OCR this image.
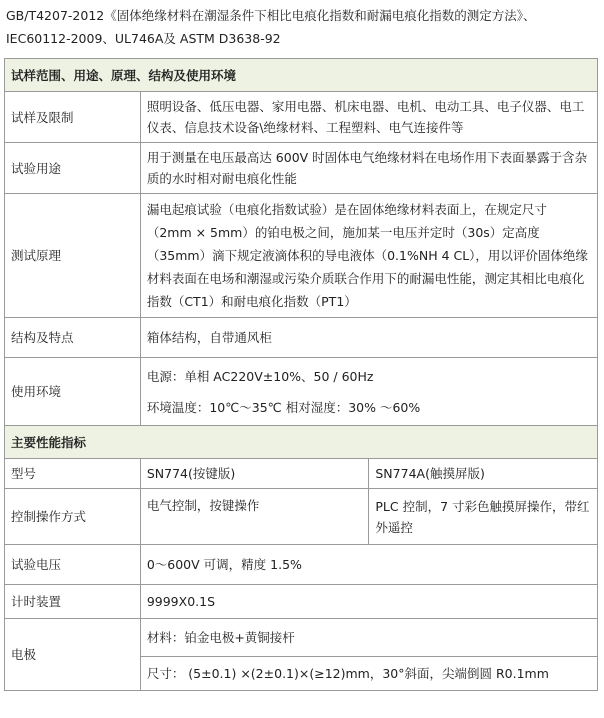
GB/T4207-2012《固体绝缘材料在潮湿条件下相比电痕化指数和耐漏电痕化指数的测定方法》、
IEC60112-2009、UL746A及 ASTM D3638-92
试样范围、用途、原理、结构及使用环境		
试样及限制	照明设备、低压电器、家用电器、机床电器、电机、电动工具、电子仪器、电工仪表、信息技术设备\绝缘材料、工程塑料、电气连接件等	
试验用途	用于测量在电压最高达 600V 时固体电气绝缘材料在电场作用下表面暴露于含杂质的水时相对耐电痕化性能	
测试原理	漏电起痕试验（电痕化指数试验）是在固体绝缘材料表面上，在规定尺寸（2mm × 5mm）的铂电极之间，施加某一电压并定时（30s）定高度（35mm）滴下规定液滴体积的导电液体（0.1%NH 4 CL），用以评价固体绝缘材料表面在电场和潮湿或污染介质联合作用下的耐漏电性能，测定其相比电痕化指数（CT1）和耐电痕化指数（PT1）	
结构及特点	箱体结构，自带通风柜	
使用环境	电源：单相 AC220V±10%、50 / 60Hz
环境温度：10℃～35℃ 相对湿度：30% ～60%	

主要性能指标		
型号	SN774(按键版)	SN774A(触摸屏版)
控制操作方式	电气控制，按键操作	PLC 控制，7 寸彩色触摸屏操作，带红外遥控
试验电压	0～600V 可调，精度 1.5%	
计时装置	9999X0.1S	
电极	材料：铂金电极+黄铜接杆	
	尺寸： (5±0.1) ×(2±0.1)×(≥12)mm，30°斜面，尖端倒圆 R0.1mm	
